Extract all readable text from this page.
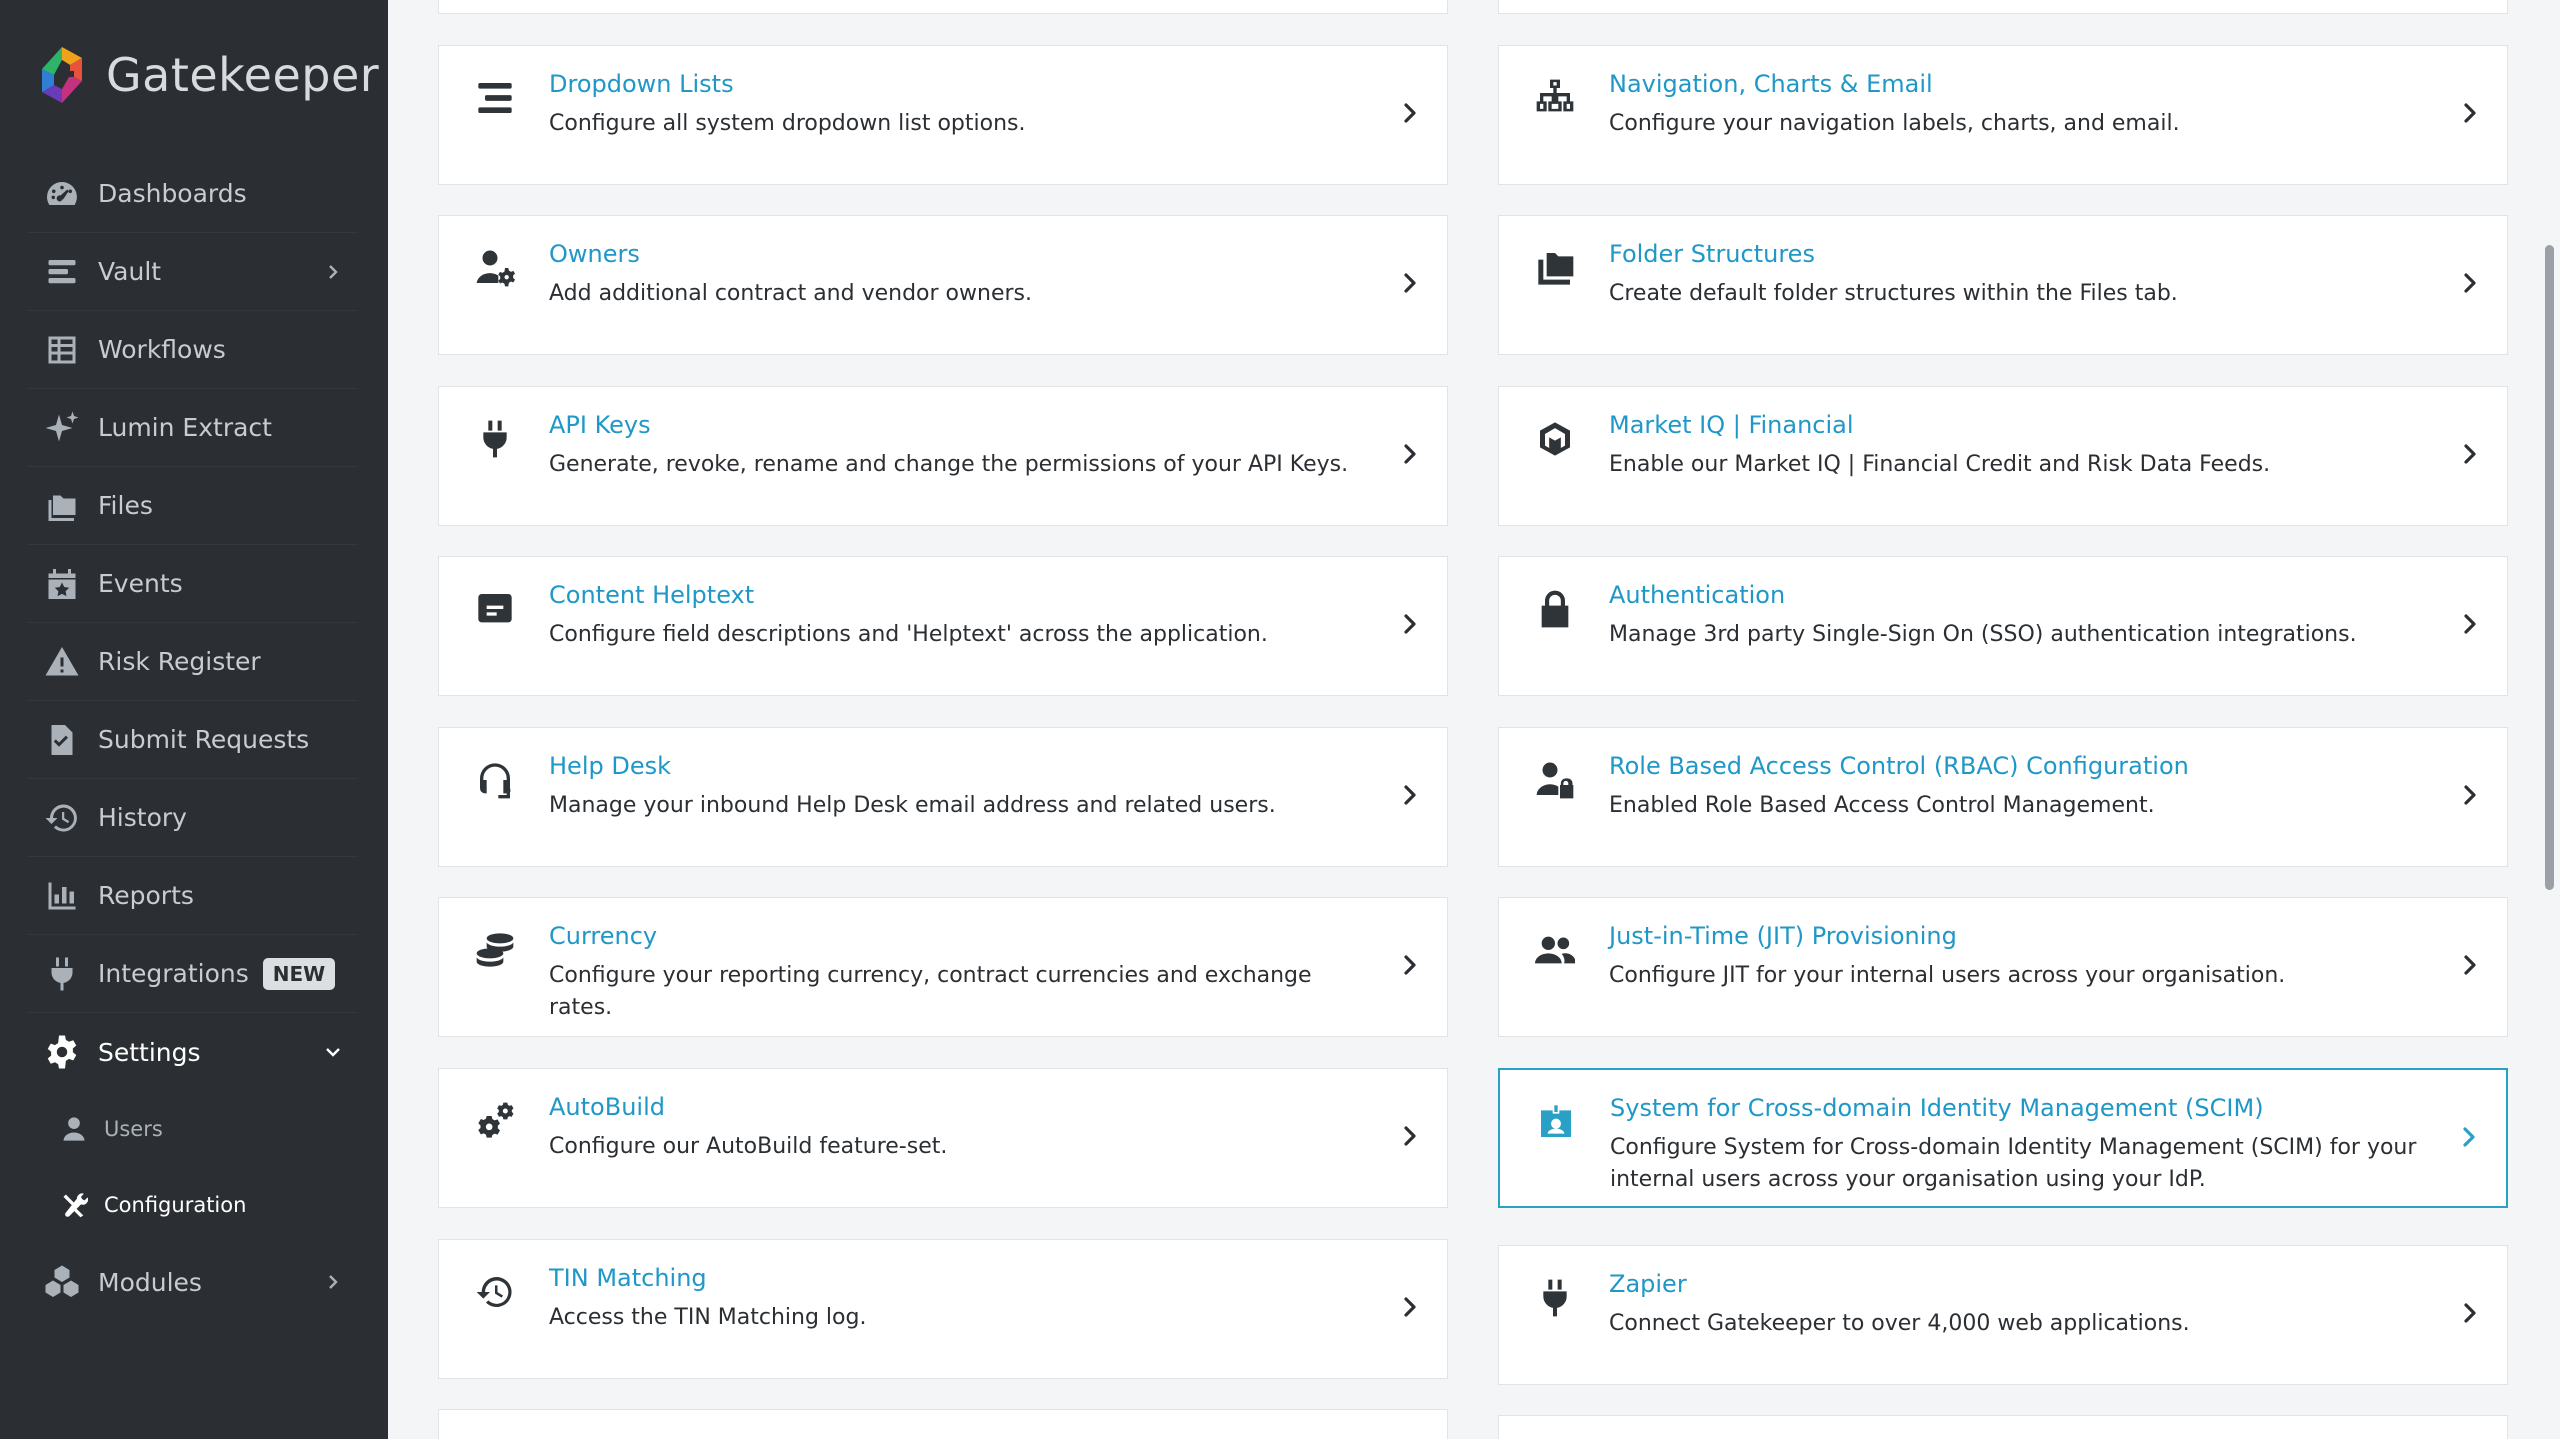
Gatekeeper
Dashboards
Vault
Workflows
Lumin Extract
Files
Events
Risk Register
Submit Requests
History
Reports
Integrations	NEW
Settings
Users
Configuration
Modules
Dropdown Lists
Configure all system dropdown list options.
Owners
Add additional contract and vendor owners.
API Keys
Generate, revoke, rename and change the permissions of your API Keys.
Content Helptext
Configure field descriptions and 'Helptext' across the application.
Help Desk
Manage your inbound Help Desk email address and related users.
Currency
Configure your reporting currency, contract currencies and exchange rates.
AutoBuild
Configure our AutoBuild feature-set.
TIN Matching
Access the TIN Matching log.
Navigation, Charts & Email
Configure your navigation labels, charts, and email.
Folder Structures
Create default folder structures within the Files tab.
Market IQ | Financial
Enable our Market IQ | Financial Credit and Risk Data Feeds.
Authentication
Manage 3rd party Single-Sign On (SSO) authentication integrations.
Role Based Access Control (RBAC) Configuration
Enabled Role Based Access Control Management.
Just-in-Time (JIT) Provisioning
Configure JIT for your internal users across your organisation.
System for Cross-domain Identity Management (SCIM)
Configure System for Cross-domain Identity Management (SCIM) for your internal users across your organisation using your IdP.
Zapier
Connect Gatekeeper to over 4,000 web applications.
